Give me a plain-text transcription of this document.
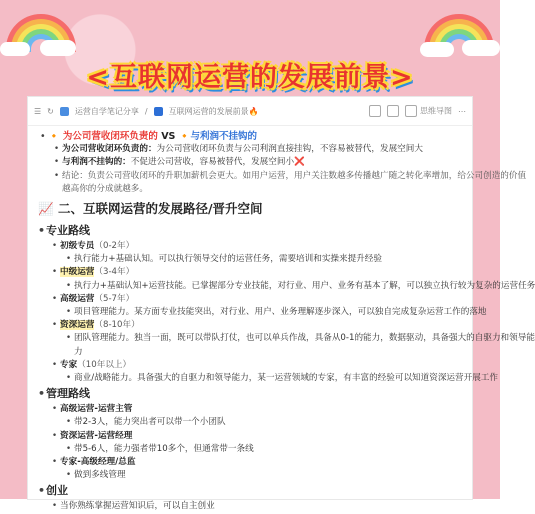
<互联网运营的发展前景>
☰ ↻	运营自学笔记分享 /	互联网运营的发展前景🔥	思维导图 ⋯
• 🔸 为公司营收闭环负责的 VS 🔸与利润不挂钩的
• 为公司营收闭环负责的：为公司营收闭环负责与公司利润直接挂钩，不容易被替代，发展空间大
• 与利润不挂钩的：不促进公司营收，容易被替代，发展空间小❌
• 结论：负责公司营收闭环的升职加薪机会更大。如用户运营，用户关注数越多传播越广随之转化率增加，给公司创造的价值
越高你的分成就越多。
📈 二、互联网运营的发展路径/晋升空间
• 专业路线
• 初级专员（0-2年）
• 执行能力+基础认知。可以执行领导交付的运营任务，需要培训和实操来提升经验
• 中级运营（3-4年）
• 执行力+基础认知+运营技能。已掌握部分专业技能，对行业、用户、业务有基本了解，可以独立执行较为复杂的运营任务
• 高级运营（5-7年）
• 项目管理能力。某方面专业技能突出，对行业、用户、业务理解逐步深入，可以独自完成复杂运营工作的落地
• 资深运营（8-10年）
• 团队管理能力。独当一面，既可以带队打仗，也可以单兵作战，具备从0-1的能力，数据驱动，具备强大的自驱力和领导能
力
• 专家（10年以上）
• 商业/战略能力。具备强大的自驱力和领导能力，某一运营领域的专家，有丰富的经验可以知道资深运营开展工作
• 管理路线
• 高级运营-运营主管
• 带2-3人，能力突出者可以带一个小团队
• 资深运营-运营经理
• 带5-6人，能力强者带10多个，但通常带一条线
• 专家-高级经理/总监
• 做到多线管理
• 创业
• 当你熟练掌握运营知识后，可以自主创业
